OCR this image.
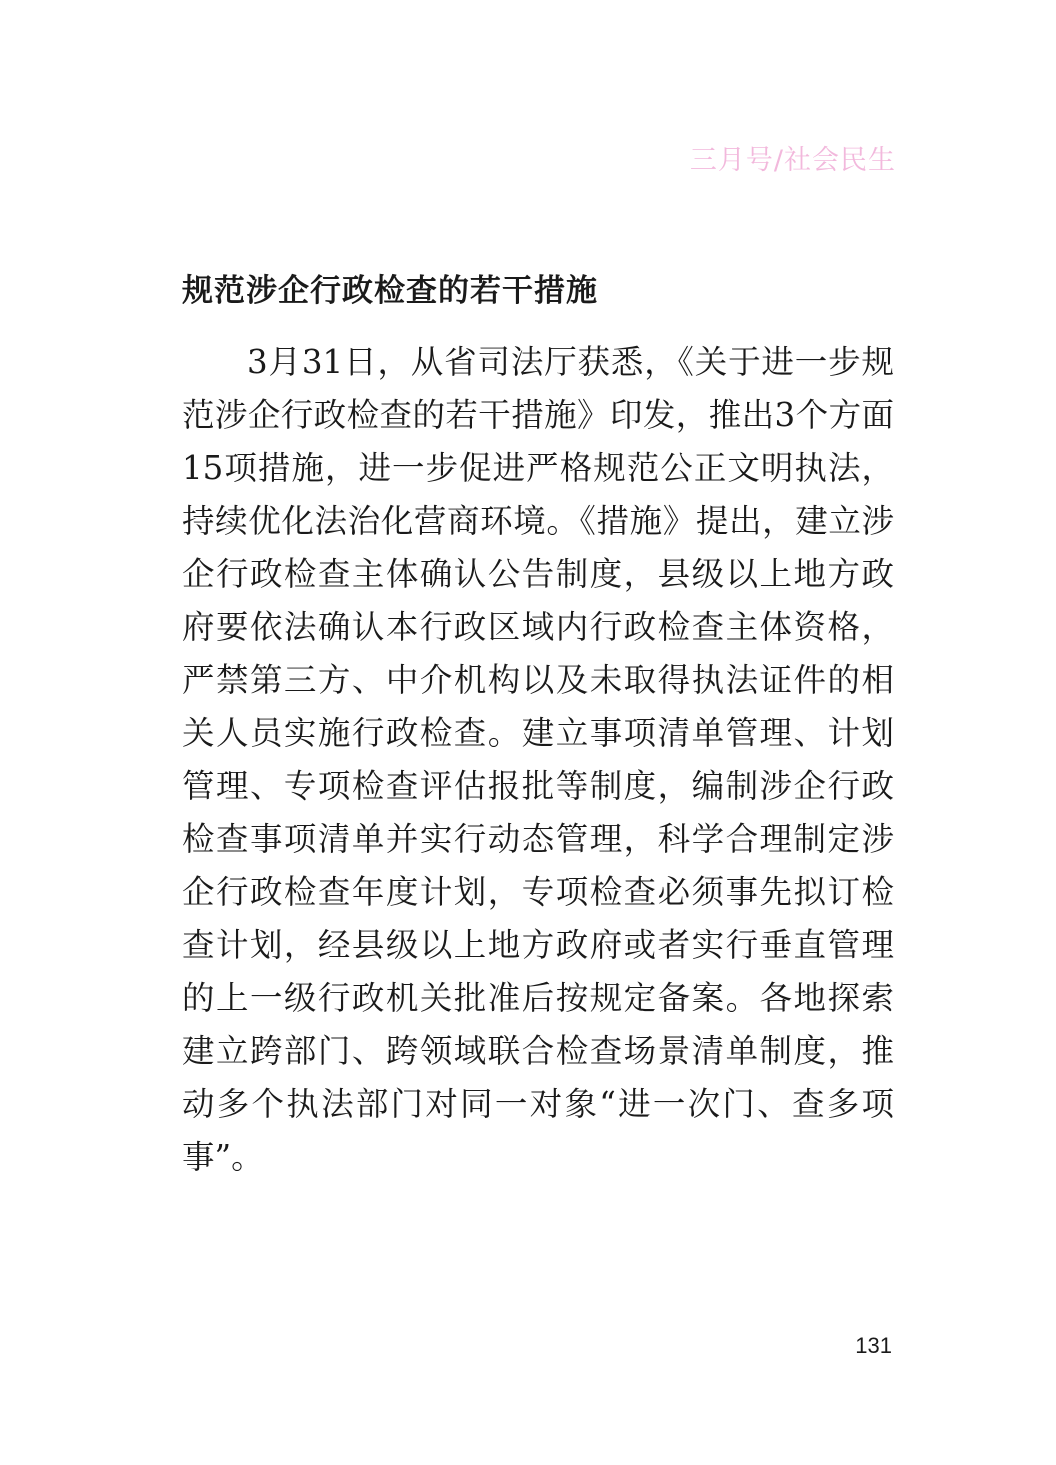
三月号/社会民生
规范涉企行政检查的若干措施

3月31日，从省司法厅获悉，《关于进一步规范涉企行政检查的若干措施》印发，推出3个方面15项措施，进一步促进严格规范公正文明执法，持续优化法治化营商环境。《措施》提出，建立涉企行政检查主体确认公告制度，县级以上地方政府要依法确认本行政区域内行政检查主体资格，严禁第三方、中介机构以及未取得执法证件的相关人员实施行政检查。建立事项清单管理、计划管理、专项检查评估报批等制度，编制涉企行政检查事项清单并实行动态管理，科学合理制定涉企行政检查年度计划，专项检查必须事先拟订检查计划，经县级以上地方政府或者实行垂直管理的上一级行政机关批准后按规定备案。各地探索建立跨部门、跨领域联合检查场景清单制度，推动多个执法部门对同一对象“进一次门、查多项事”。

131
